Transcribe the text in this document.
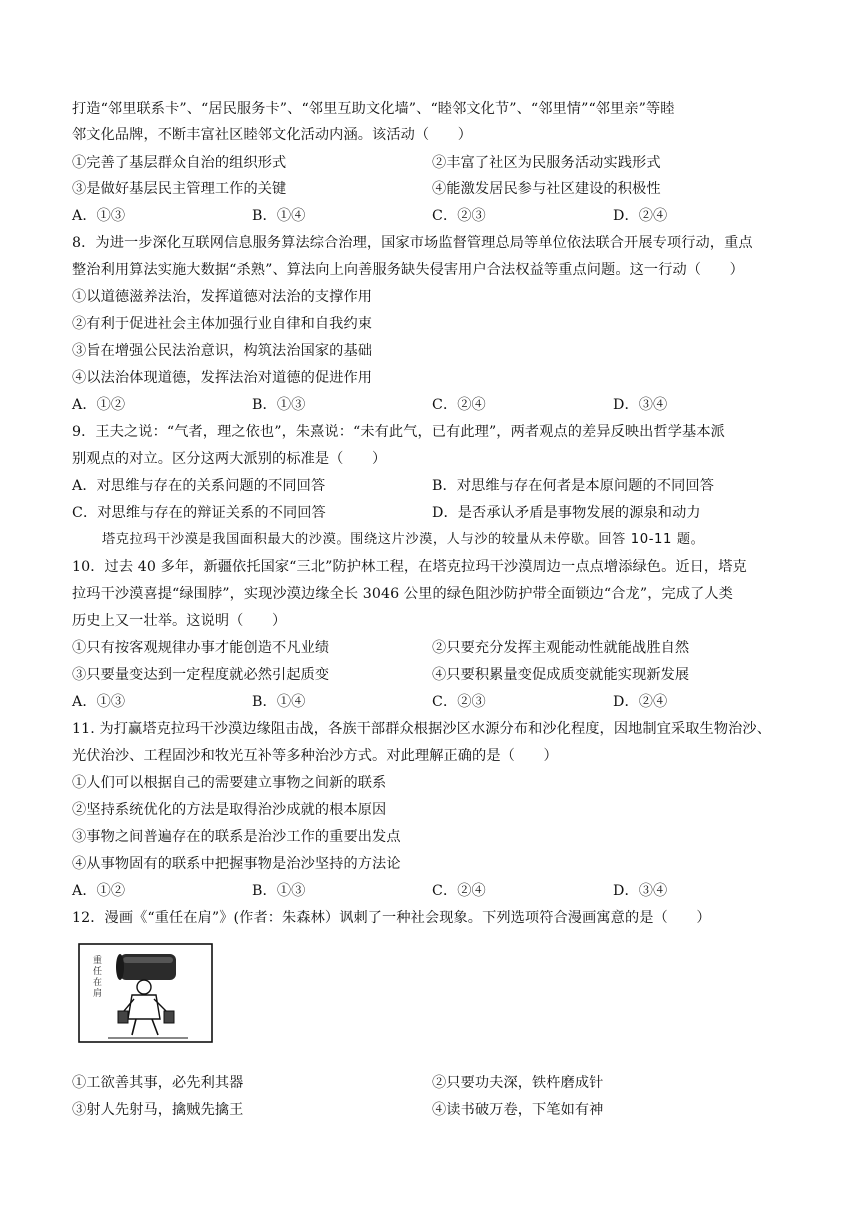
打造“邻里联系卡”、“居民服务卡”、“邻里互助文化墙”、“睦邻文化节”、“邻里情”“邻里亲”等睦
邻文化品牌，不断丰富社区睦邻文化活动内涵。该活动（　　）
①完善了基层群众自治的组织形式	②丰富了社区为民服务活动实践形式
③是做好基层民主管理工作的关键	④能激发居民参与社区建设的积极性
A．①③	B．①④	C．②③	D．②④
8．为进一步深化互联网信息服务算法综合治理，国家市场监督管理总局等单位依法联合开展专项行动，重点
整治利用算法实施大数据“杀熟”、算法向上向善服务缺失侵害用户合法权益等重点问题。这一行动（　　）
①以道德滋养法治，发挥道德对法治的支撑作用
②有利于促进社会主体加强行业自律和自我约束
③旨在增强公民法治意识，构筑法治国家的基础
④以法治体现道德，发挥法治对道德的促进作用
A．①②	B．①③	C．②④	D．③④
9．王夫之说：“气者，理之依也”，朱熹说：“未有此气，已有此理”，两者观点的差异反映出哲学基本派
别观点的对立。区分这两大派别的标准是（　　）
A．对思维与存在的关系问题的不同回答	B．对思维与存在何者是本原问题的不同回答
C．对思维与存在的辩证关系的不同回答	D．是否承认矛盾是事物发展的源泉和动力
塔克拉玛干沙漠是我国面积最大的沙漠。围绕这片沙漠，人与沙的较量从未停歇。回答 10-11 题。
10．过去 40 多年，新疆依托国家“三北”防护林工程，在塔克拉玛干沙漠周边一点点增添绿色。近日，塔克
拉玛干沙漠喜提“绿围脖”，实现沙漠边缘全长 3046 公里的绿色阻沙防护带全面锁边“合龙”，完成了人类
历史上又一壮举。这说明（　　）
①只有按客观规律办事才能创造不凡业绩	②只要充分发挥主观能动性就能战胜自然
③只要量变达到一定程度就必然引起质变	④只要积累量变促成质变就能实现新发展
A．①③	B．①④	C．②③	D．②④
11. 为打赢塔克拉玛干沙漠边缘阻击战，各族干部群众根据沙区水源分布和沙化程度，因地制宜采取生物治沙、
光伏治沙、工程固沙和牧光互补等多种治沙方式。对此理解正确的是（　　）
①人们可以根据自己的需要建立事物之间新的联系
②坚持系统优化的方法是取得治沙成就的根本原因
③事物之间普遍存在的联系是治沙工作的重要出发点
④从事物固有的联系中把握事物是治沙坚持的方法论
A．①②	B．①③	C．②④	D．③④
12．漫画《“重任在肩”》(作者：朱森林）讽刺了一种社会现象。下列选项符合漫画寓意的是（　　）
重任在肩
①工欲善其事，必先利其器	②只要功夫深，铁杵磨成针
③射人先射马，擒贼先擒王	④读书破万卷，下笔如有神
